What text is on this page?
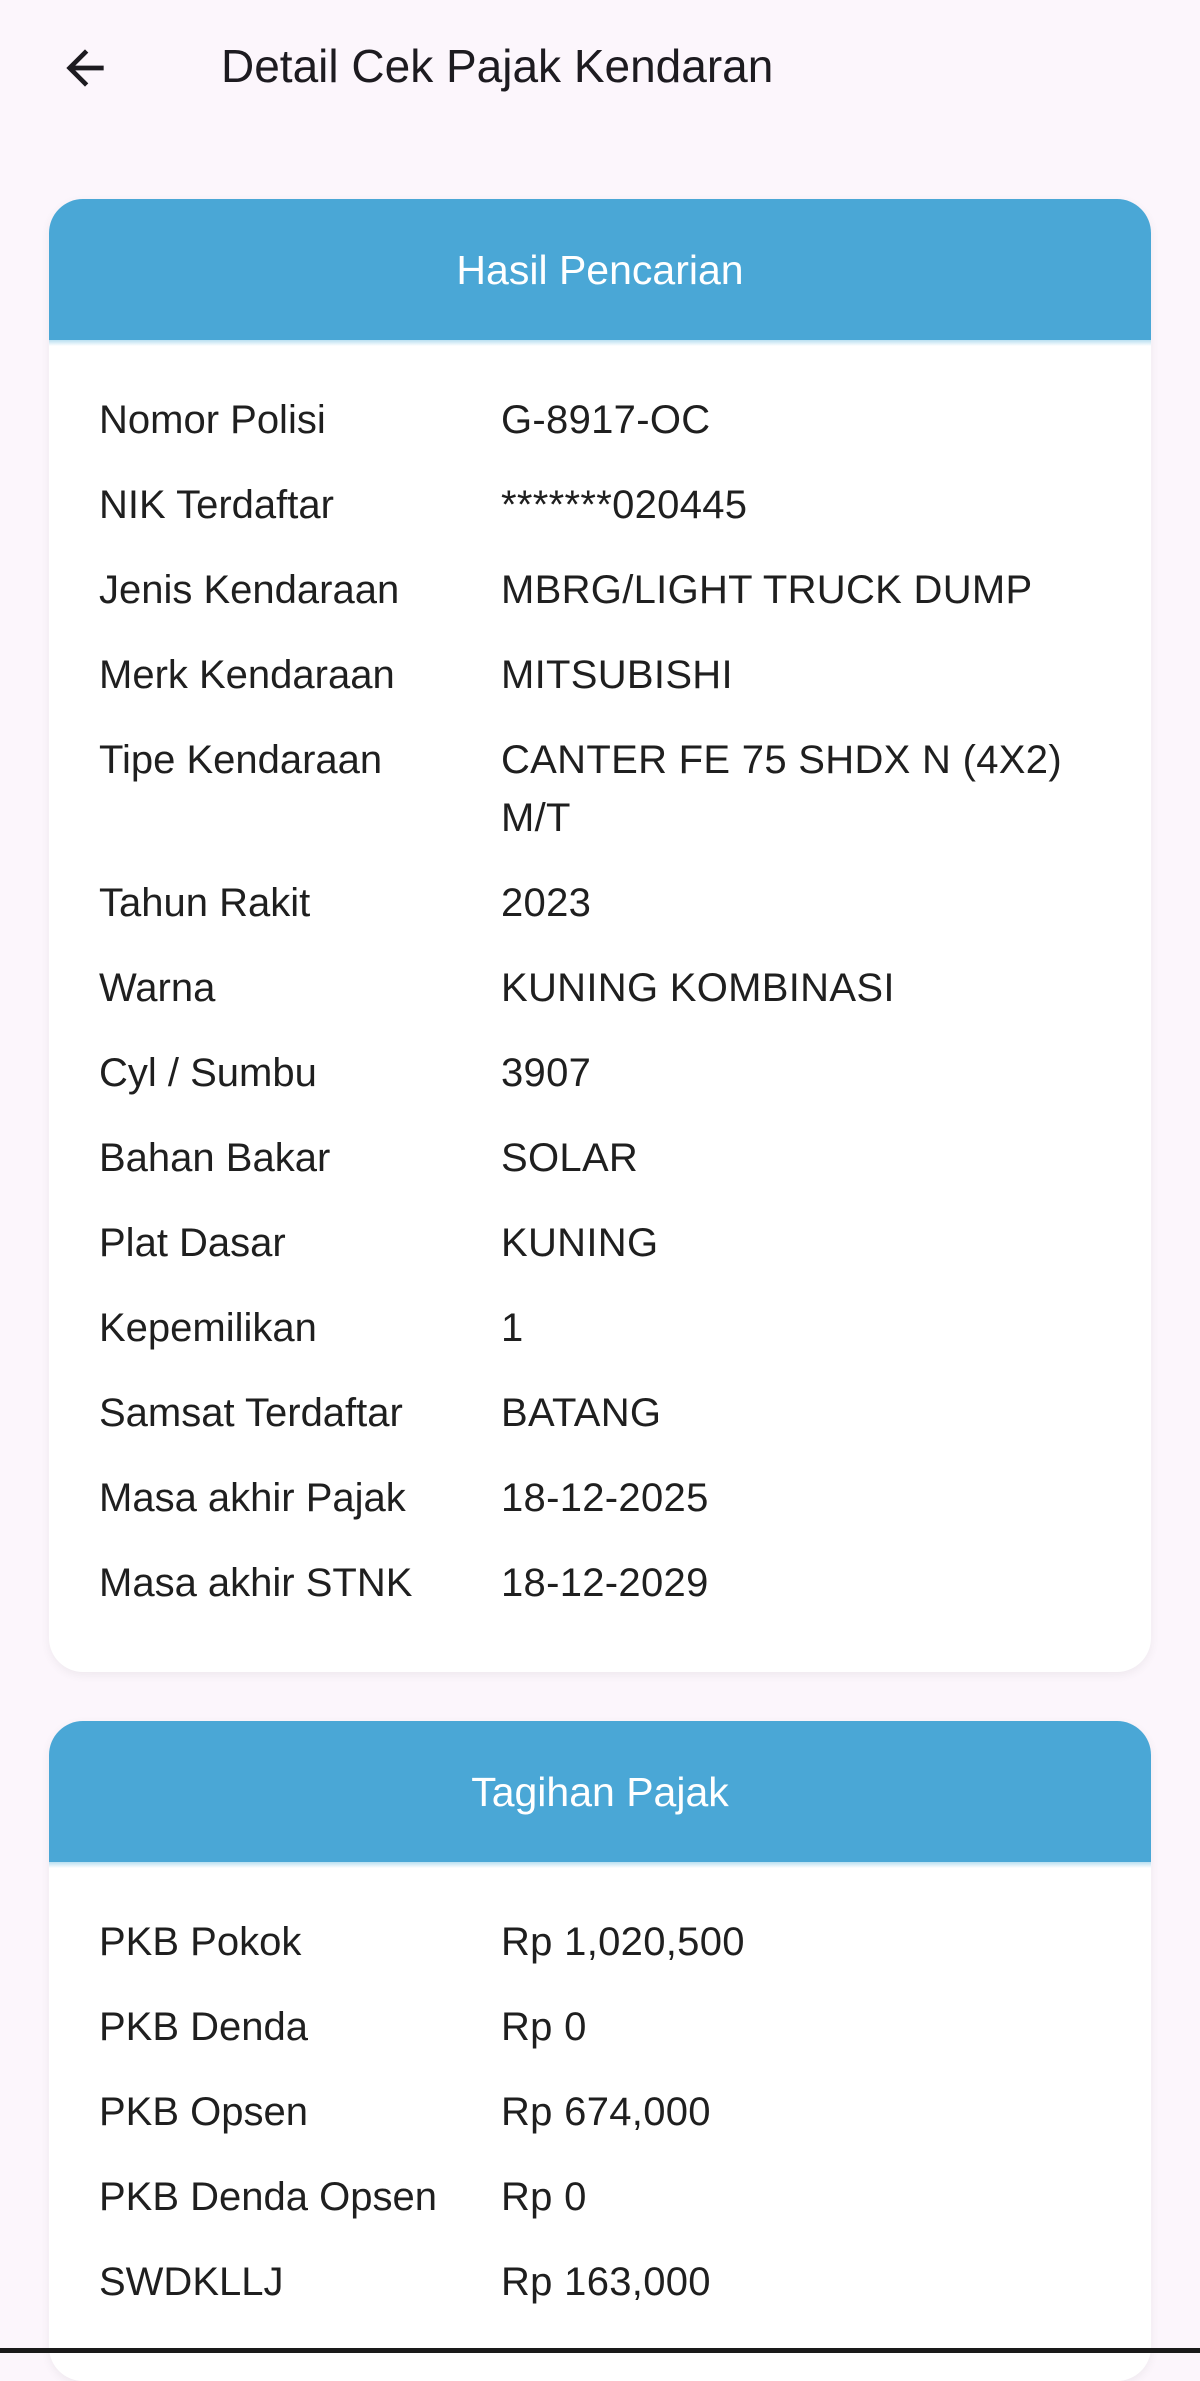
Detail Cek Pajak Kendaran
Hasil Pencarian
Nomor Polisi	G-8917-OC
NIK Terdaftar	*******020445
Jenis Kendaraan	MBRG/LIGHT TRUCK DUMP
Merk Kendaraan	MITSUBISHI
Tipe Kendaraan	CANTER FE 75 SHDX N (4X2) M/T
Tahun Rakit	2023
Warna	KUNING KOMBINASI
Cyl / Sumbu	3907
Bahan Bakar	SOLAR
Plat Dasar	KUNING
Kepemilikan	1
Samsat Terdaftar	BATANG
Masa akhir Pajak	18-12-2025
Masa akhir STNK	18-12-2029
Tagihan Pajak
PKB Pokok	Rp 1,020,500
PKB Denda	Rp 0
PKB Opsen	Rp 674,000
PKB Denda Opsen	Rp 0
SWDKLLJ	Rp 163,000
